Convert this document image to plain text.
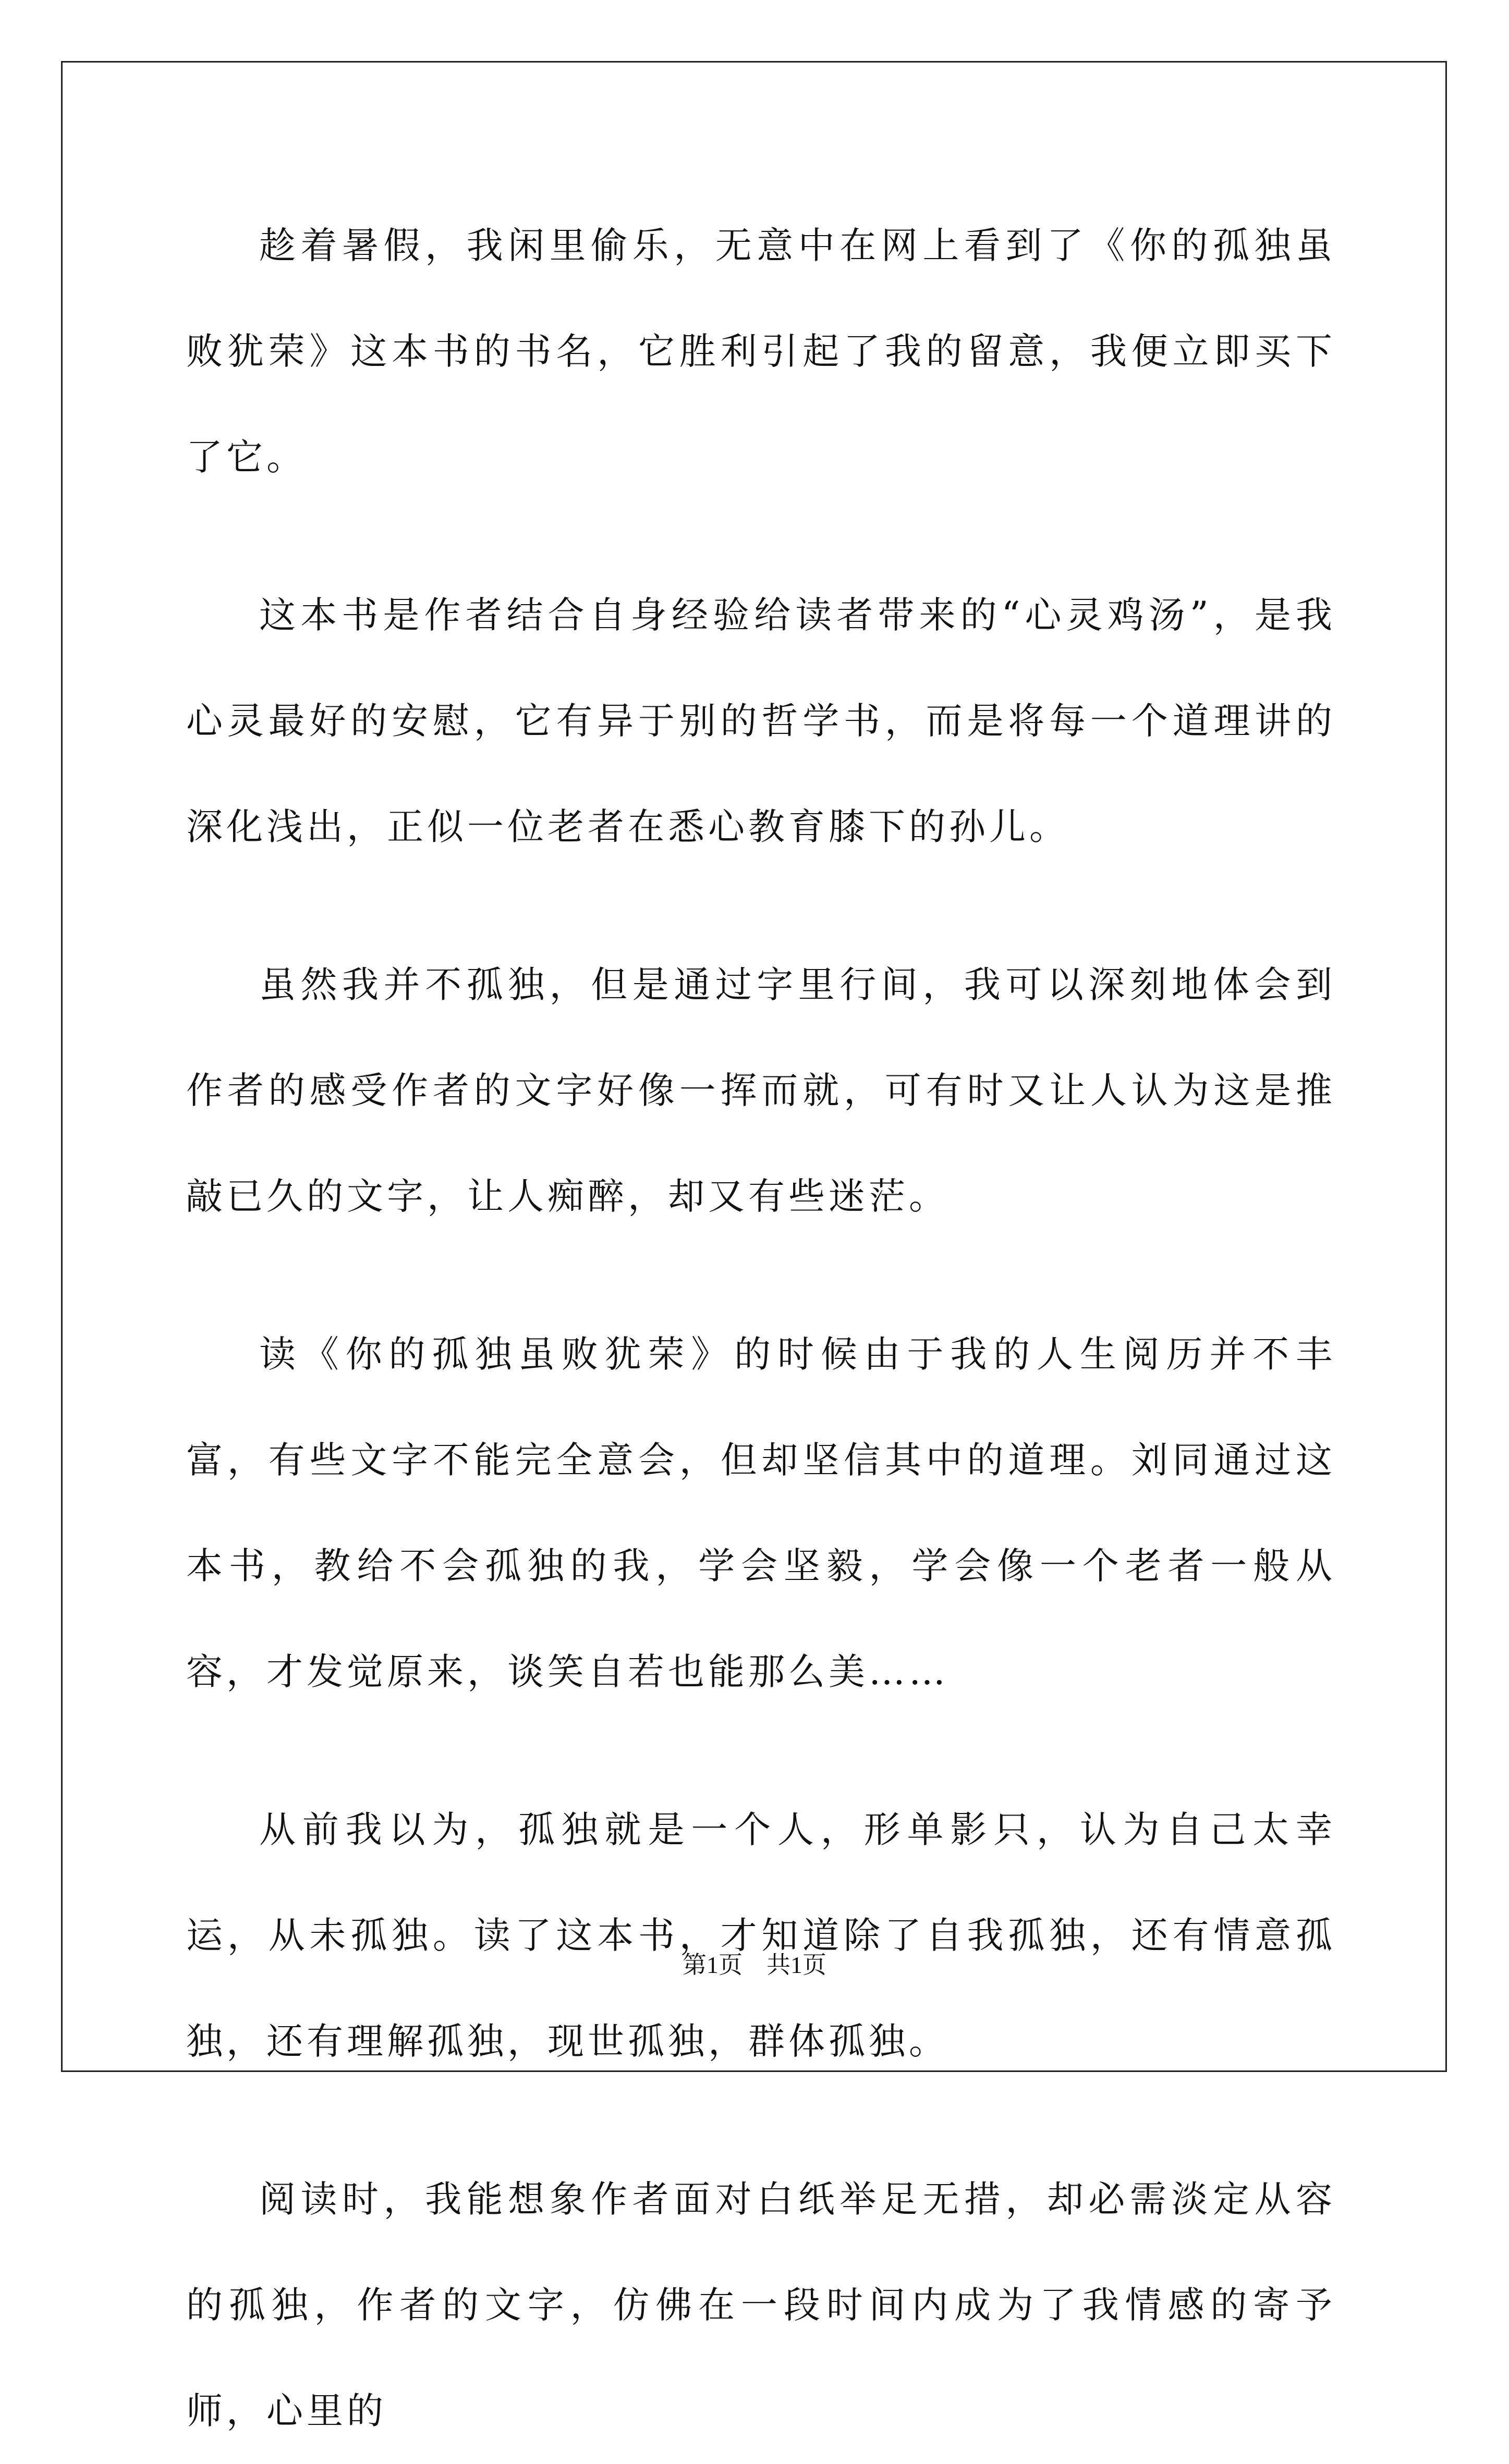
趁着暑假，我闲里偷乐，无意中在网上看到了《你的孤独虽败犹荣》这本书的书名，它胜利引起了我的留意，我便立即买下了它。

这本书是作者结合自身经验给读者带来的“心灵鸡汤”，是我心灵最好的安慰，它有异于别的哲学书，而是将每一个道理讲的深化浅出，正似一位老者在悉心教育膝下的孙儿。

虽然我并不孤独，但是通过字里行间，我可以深刻地体会到作者的感受作者的文字好像一挥而就，可有时又让人认为这是推敲已久的文字，让人痴醉，却又有些迷茫。

读《你的孤独虽败犹荣》的时候由于我的人生阅历并不丰富，有些文字不能完全意会，但却坚信其中的道理。刘同通过这本书，教给不会孤独的我，学会坚毅，学会像一个老者一般从容，才发觉原来，谈笑自若也能那么美……

从前我以为，孤独就是一个人，形单影只，认为自己太幸运，从未孤独。读了这本书，才知道除了自我孤独，还有情意孤独，还有理解孤独，现世孤独，群体孤独。

阅读时，我能想象作者面对白纸举足无措，却必需淡定从容的孤独，作者的文字，仿佛在一段时间内成为了我情感的寄予师，心里的

第1页　共1页
